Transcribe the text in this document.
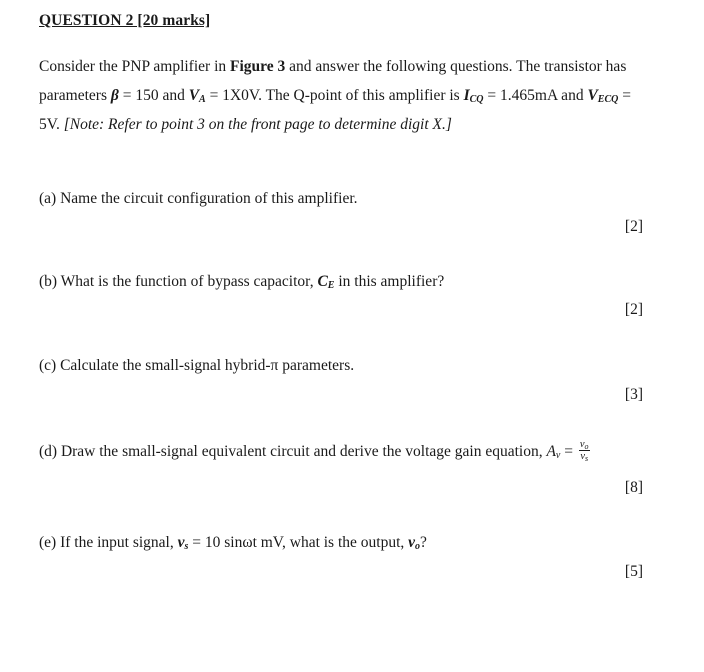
QUESTION 2 [20 marks]
Consider the PNP amplifier in Figure 3 and answer the following questions. The transistor has parameters β = 150 and $V_A = 1X0V$. The Q-point of this amplifier is $I_{CQ} = 1.465mA$ and $V_{ECQ} = 5V$. [Note: Refer to point 3 on the front page to determine digit X.]
(a) Name the circuit configuration of this amplifier.
[2]
(b) What is the function of bypass capacitor, $C_E$ in this amplifier?
[2]
(c) Calculate the small-signal hybrid-π parameters.
[3]
(d) Draw the small-signal equivalent circuit and derive the voltage gain equation, $A_v = \frac{v_o}{v_s}$
[8]
(e) If the input signal, $v_s = 10$ sinωt mV, what is the output, $v_o$?
[5]
